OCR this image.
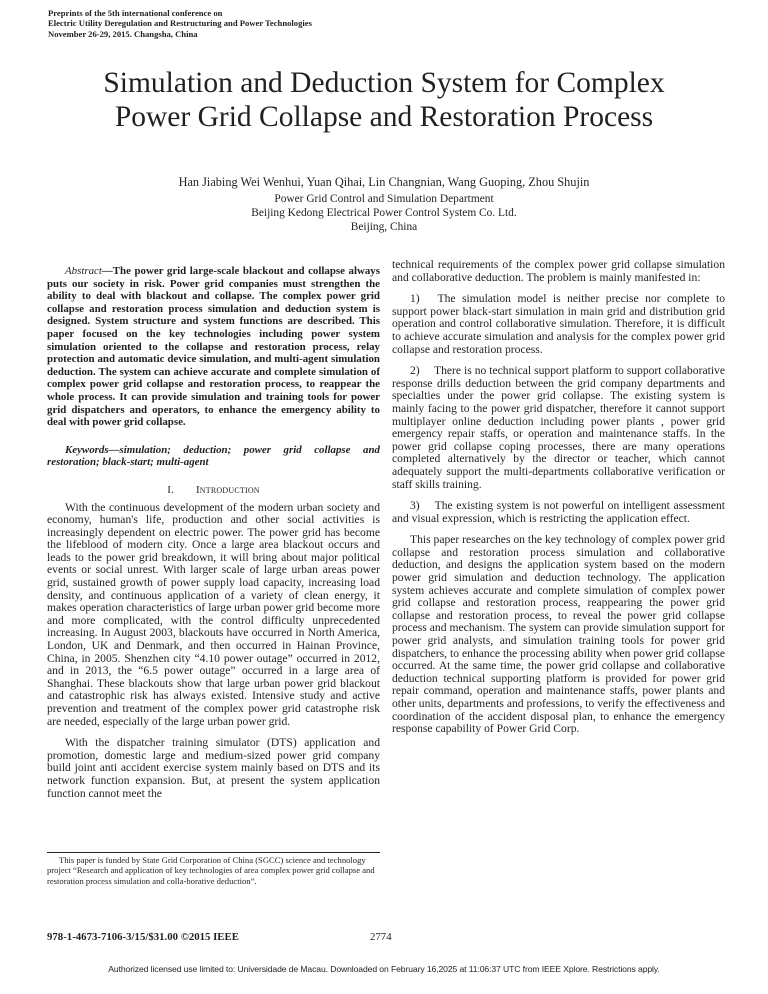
Preprints of the 5th international conference on
Electric Utility Deregulation and Restructuring and Power Technologies
November 26-29, 2015. Changsha, China
Simulation and Deduction System for Complex
Power Grid Collapse and Restoration Process
Han Jiabing Wei Wenhui, Yuan Qihai, Lin Changnian, Wang Guoping, Zhou Shujin
Power Grid Control and Simulation Department
Beijing Kedong Electrical Power Control System Co. Ltd.
Beijing, China

Abstract—The power grid large-scale blackout and collapse always puts our society in risk. Power grid companies must strengthen the ability to deal with blackout and collapse. The complex power grid collapse and restoration process simulation and deduction system is designed. System structure and system functions are described. This paper focused on the key technologies including power system simulation oriented to the collapse and restoration process, relay protection and automatic device simulation, and multi-agent simulation deduction. The system can achieve accurate and complete simulation of complex power grid collapse and restoration process, to reappear the whole process. It can provide simulation and training tools for power grid dispatchers and operators, to enhance the emergency ability to deal with power grid collapse.

Keywords—simulation; deduction; power grid collapse and restoration; black-start; multi-agent

I. Introduction

With the continuous development of the modern urban society and economy, human's life, production and other social activities is increasingly dependent on electric power. The power grid has become the lifeblood of modern city. Once a large area blackout occurs and leads to the power grid breakdown, it will bring about major political events or social unrest. With larger scale of large urban areas power grid, sustained growth of power supply load capacity, increasing load density, and continuous application of a variety of clean energy, it makes operation characteristics of large urban power grid become more and more complicated, with the control difficulty unprecedented increasing. In August 2003, blackouts have occurred in North America, London, UK and Denmark, and then occurred in Hainan Province, China, in 2005. Shenzhen city “4.10 power outage” occurred in 2012, and in 2013, the “6.5 power outage” occurred in a large area of Shanghai. These blackouts show that large urban power grid blackout and catastrophic risk has always existed. Intensive study and active prevention and treatment of the complex power grid catastrophe risk are needed, especially of the large urban power grid.

With the dispatcher training simulator (DTS) application and promotion, domestic large and medium-sized power grid company build joint anti accident exercise system mainly based on DTS and its network function expansion. But, at present the system application function cannot meet the

technical requirements of the complex power grid collapse simulation and collaborative deduction. The problem is mainly manifested in:

1)  The simulation model is neither precise nor complete to support power black-start simulation in main grid and distribution grid operation and control collaborative simulation. Therefore, it is difficult to achieve accurate simulation and analysis for the complex power grid collapse and restoration process.

2)  There is no technical support platform to support collaborative response drills deduction between the grid company departments and specialties under the power grid collapse. The existing system is mainly facing to the power grid dispatcher, therefore it cannot support multiplayer online deduction including power plants , power grid emergency repair staffs, or operation and maintenance staffs. In the power grid collapse coping processes, there are many operations completed alternatively by the director or teacher, which cannot adequately support the multi-departments collaborative verification or staff skills training.

3)  The existing system is not powerful on intelligent assessment and visual expression, which is restricting the application effect.

This paper researches on the key technology of complex power grid collapse and restoration process simulation and collaborative deduction, and designs the application system based on the modern power grid simulation and deduction technology. The application system achieves accurate and complete simulation of complex power grid collapse and restoration process, reappearing the power grid collapse and restoration process, to reveal the power grid collapse process and mechanism. The system can provide simulation support for power grid analysts, and simulation training tools for power grid dispatchers, to enhance the processing ability when power grid collapse occurred. At the same time, the power grid collapse and collaborative deduction technical supporting platform is provided for power grid repair command, operation and maintenance staffs, power plants and other units, departments and professions, to verify the effectiveness and coordination of the accident disposal plan, to enhance the emergency response capability of Power Grid Corp.

This paper is funded by State Grid Corporation of China (SGCC) science and technology project “Research and application of key technologies of area complex power grid collapse and restoration process simulation and colla-borative deduction”.
978-1-4673-7106-3/15/$31.00 ©2015 IEEE	2774
Authorized licensed use limited to: Universidade de Macau. Downloaded on February 16,2025 at 11:06:37 UTC from IEEE Xplore. Restrictions apply.
